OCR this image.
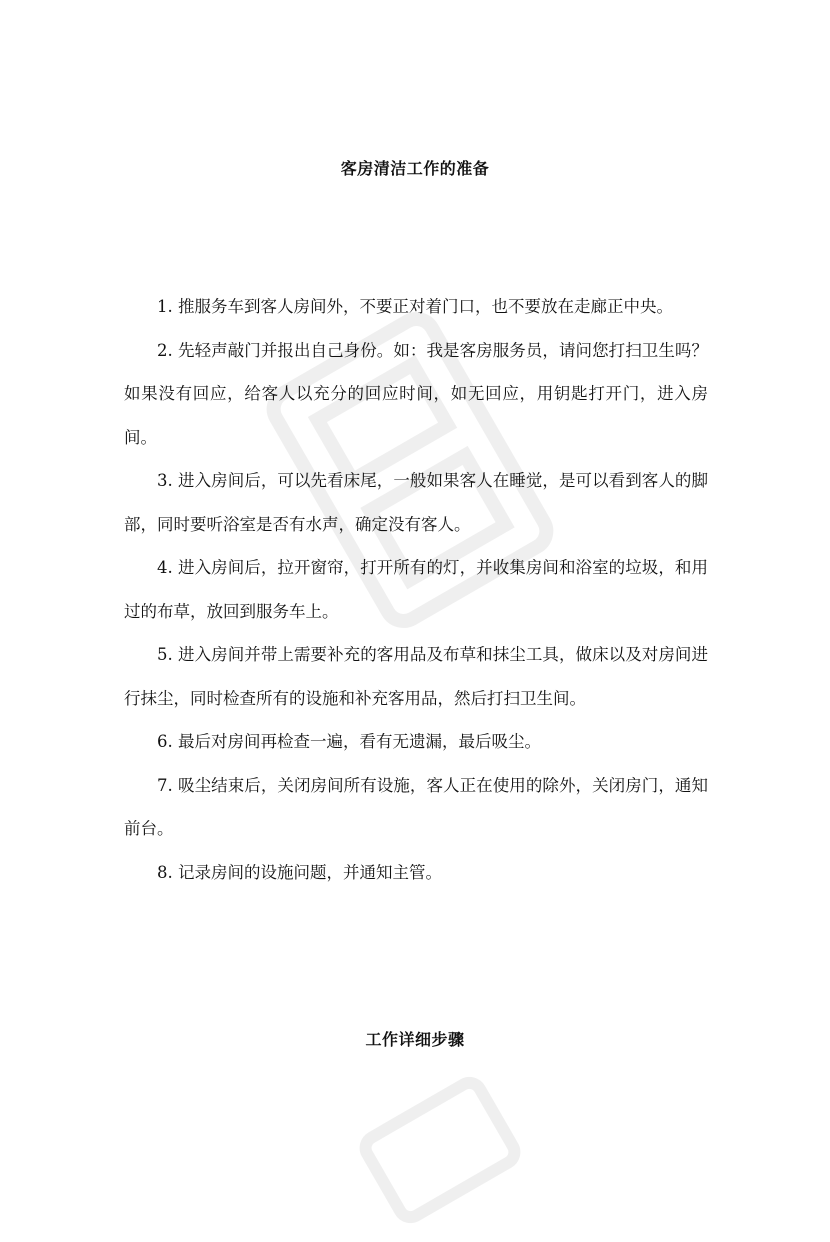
客房清洁工作的准备

1. 推服务车到客人房间外，不要正对着门口，也不要放在走廊正中央。

2. 先轻声敲门并报出自己身份。如：我是客房服务员，请问您打扫卫生吗？如果没有回应，给客人以充分的回应时间，如无回应，用钥匙打开门，进入房间。

3. 进入房间后，可以先看床尾，一般如果客人在睡觉，是可以看到客人的脚部，同时要听浴室是否有水声，确定没有客人。

4. 进入房间后，拉开窗帘，打开所有的灯，并收集房间和浴室的垃圾，和用过的布草，放回到服务车上。

5. 进入房间并带上需要补充的客用品及布草和抹尘工具，做床以及对房间进行抹尘，同时检查所有的设施和补充客用品，然后打扫卫生间。

6. 最后对房间再检查一遍，看有无遗漏，最后吸尘。

7. 吸尘结束后，关闭房间所有设施，客人正在使用的除外，关闭房门，通知前台。

8. 记录房间的设施问题，并通知主管。

工作详细步骤
